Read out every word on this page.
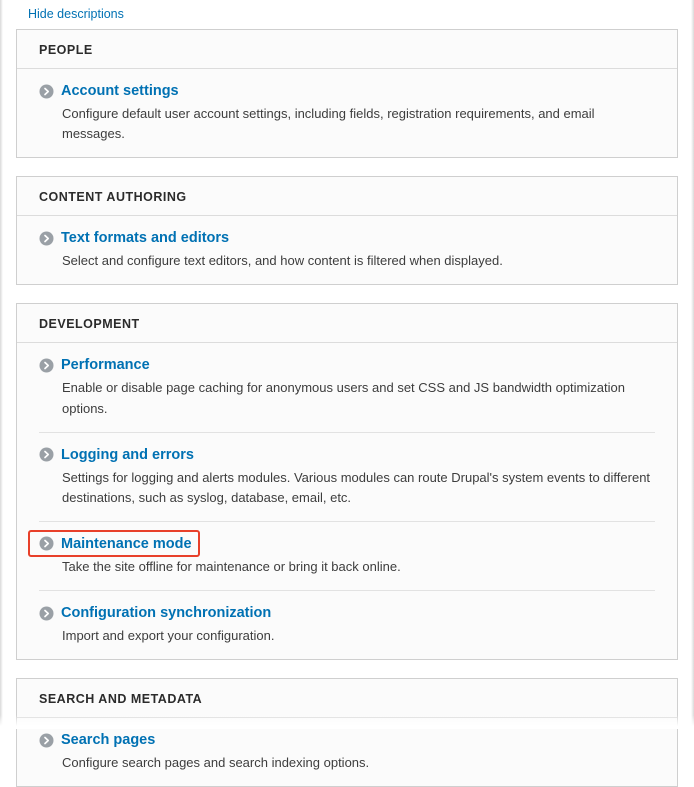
Hide descriptions
PEOPLE
Account settings
Configure default user account settings, including fields, registration requirements, and email messages.
CONTENT AUTHORING
Text formats and editors
Select and configure text editors, and how content is filtered when displayed.
DEVELOPMENT
Performance
Enable or disable page caching for anonymous users and set CSS and JS bandwidth optimization options.
Logging and errors
Settings for logging and alerts modules. Various modules can route Drupal's system events to different destinations, such as syslog, database, email, etc.
Maintenance mode
Take the site offline for maintenance or bring it back online.
Configuration synchronization
Import and export your configuration.
SEARCH AND METADATA
Search pages
Configure search pages and search indexing options.
